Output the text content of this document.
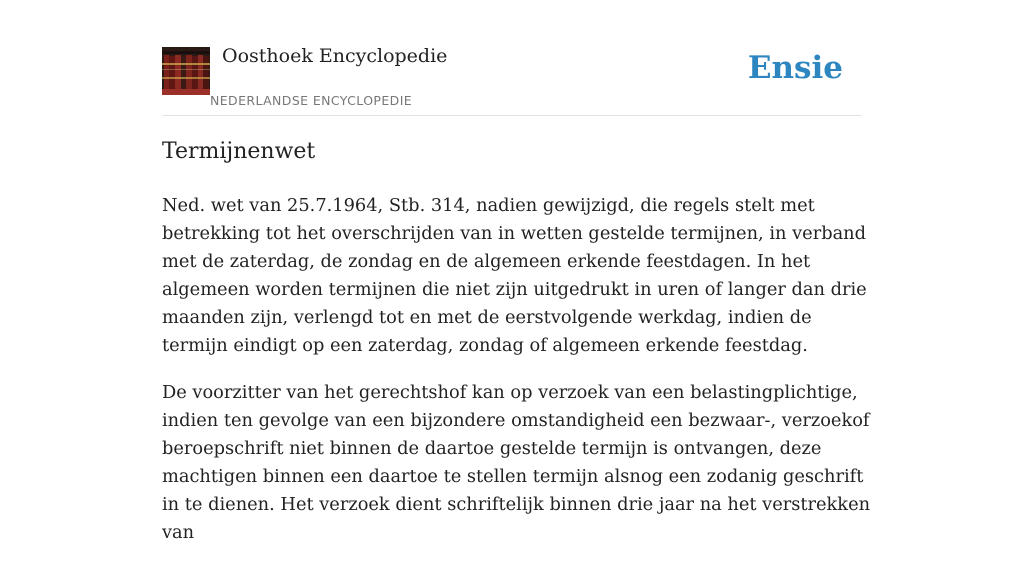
Oosthoek Encyclopedie
NEDERLANDSE ENCYCLOPEDIE
Ensie
Termijnenwet

Ned. wet van 25.7.1964, Stb. 314, nadien gewijzigd, die regels stelt met betrekking tot het overschrijden van in wetten gestelde termijnen, in verband met de zaterdag, de zondag en de algemeen erkende feestdagen. In het algemeen worden termijnen die niet zijn uitgedrukt in uren of langer dan drie maanden zijn, verlengd tot en met de eerstvolgende werkdag, indien de termijn eindigt op een zaterdag, zondag of algemeen erkende feestdag.

De voorzitter van het gerechtshof kan op verzoek van een belastingplichtige, indien ten gevolge van een bijzondere omstandigheid een bezwaar-, verzoekof beroepschrift niet binnen de daartoe gestelde termijn is ontvangen, deze machtigen binnen een daartoe te stellen termijn alsnog een zodanig geschrift in te dienen. Het verzoek dient schriftelijk binnen drie jaar na het verstrekken van
